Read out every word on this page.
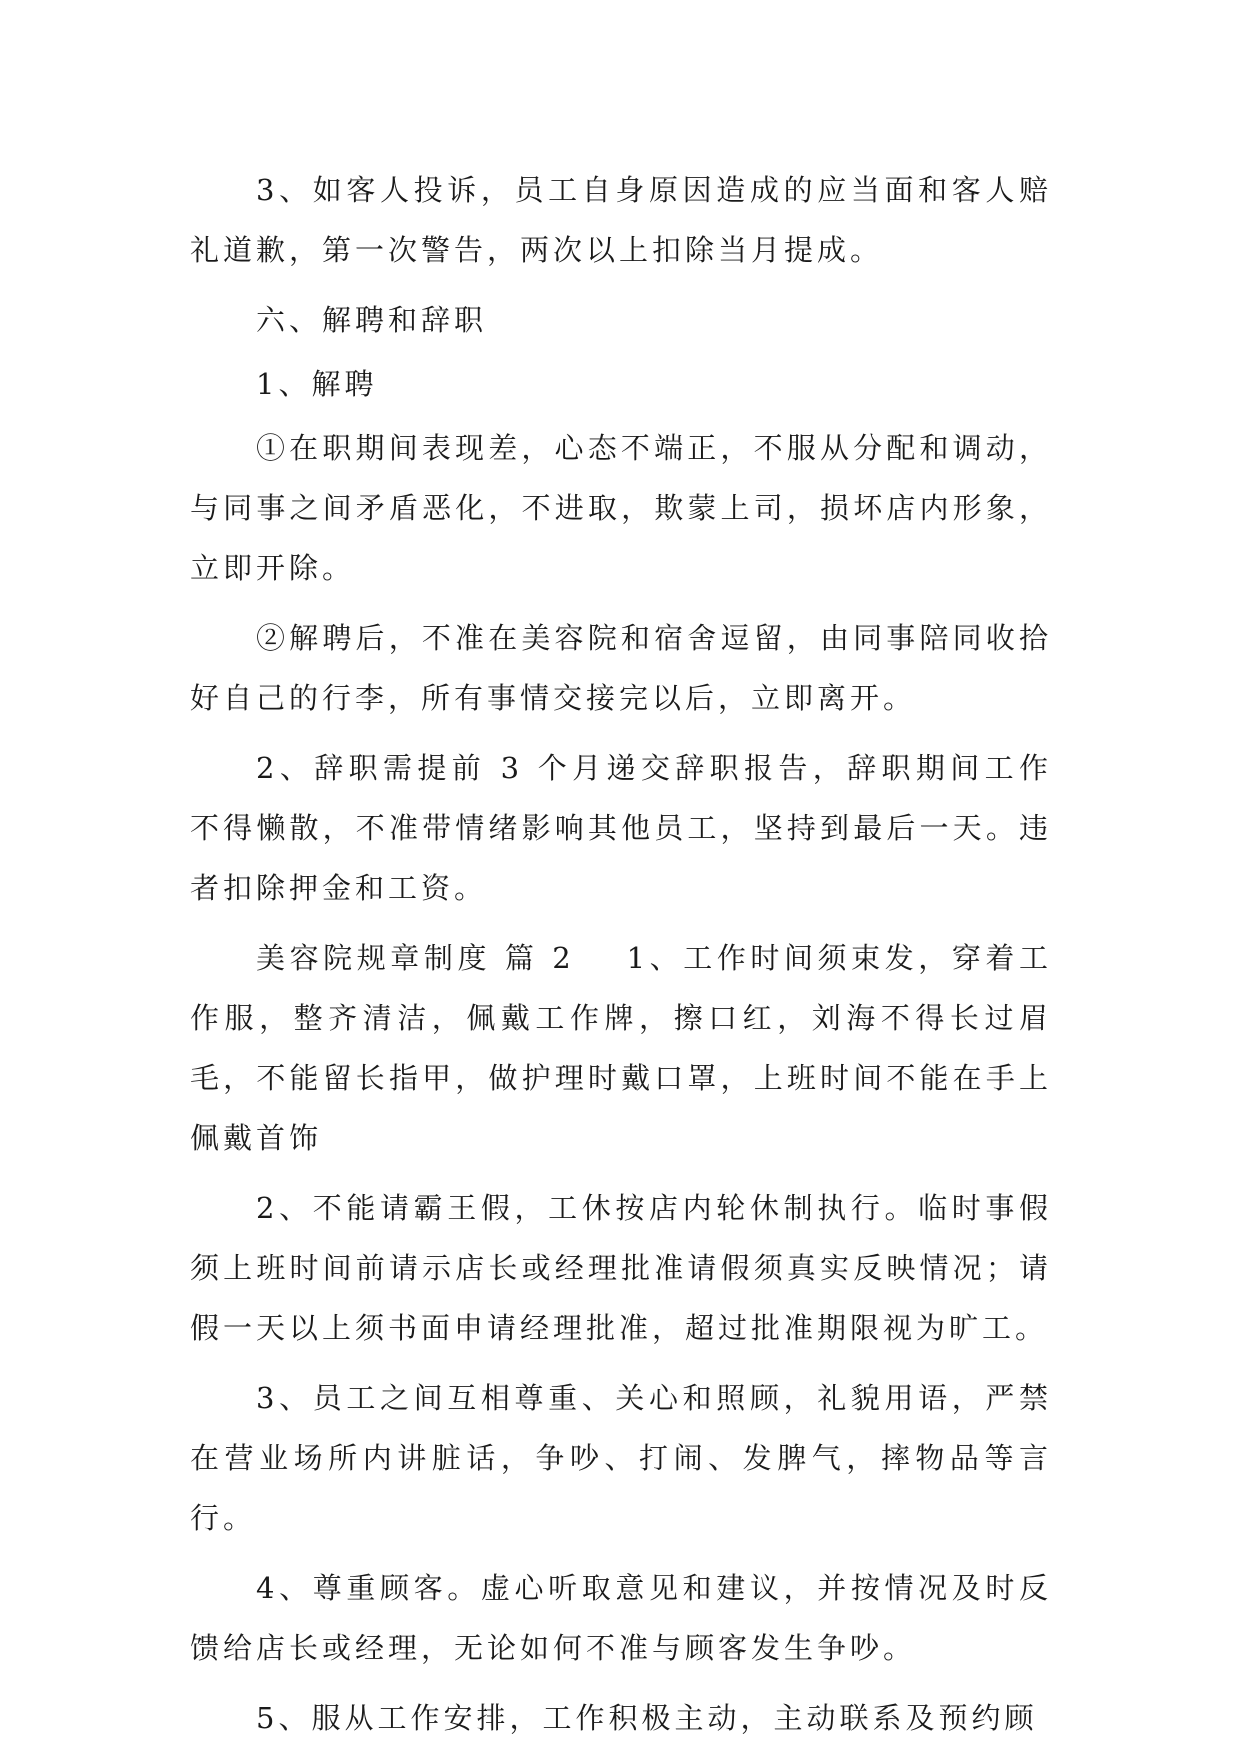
3、如客人投诉，员工自身原因造成的应当面和客人赔礼道歉，第一次警告，两次以上扣除当月提成。

六、解聘和辞职

1、解聘

①在职期间表现差，心态不端正，不服从分配和调动，与同事之间矛盾恶化，不进取，欺蒙上司，损坏店内形象，立即开除。

②解聘后，不准在美容院和宿舍逗留，由同事陪同收拾好自己的行李，所有事情交接完以后，立即离开。

2、辞职需提前 3 个月递交辞职报告，辞职期间工作不得懒散，不准带情绪影响其他员工，坚持到最后一天。违者扣除押金和工资。

美容院规章制度 篇 2 1、工作时间须束发，穿着工作服，整齐清洁，佩戴工作牌，擦口红，刘海不得长过眉毛，不能留长指甲，做护理时戴口罩，上班时间不能在手上佩戴首饰

2、不能请霸王假，工休按店内轮休制执行。临时事假须上班时间前请示店长或经理批准请假须真实反映情况；请假一天以上须书面申请经理批准，超过批准期限视为旷工。

3、员工之间互相尊重、关心和照顾，礼貌用语，严禁在营业场所内讲脏话，争吵、打闹、发脾气，摔物品等言行。

4、尊重顾客。虚心听取意见和建议，并按情况及时反馈给店长或经理，无论如何不准与顾客发生争吵。

5、服从工作安排，工作积极主动，主动联系及预约顾
